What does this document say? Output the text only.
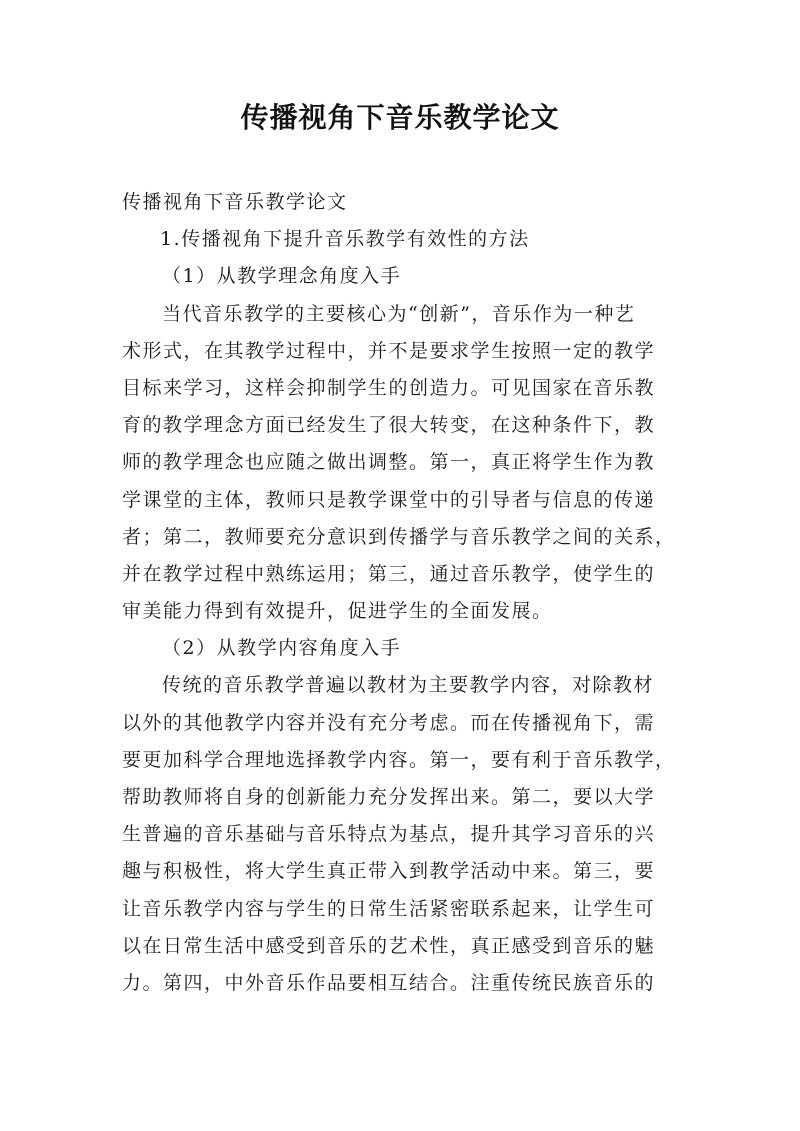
传播视角下音乐教学论文
传播视角下音乐教学论文
1.传播视角下提升音乐教学有效性的方法
（1）从教学理念角度入手
当代音乐教学的主要核心为“创新”，音乐作为一种艺
术形式，在其教学过程中，并不是要求学生按照一定的教学
目标来学习，这样会抑制学生的创造力。可见国家在音乐教
育的教学理念方面已经发生了很大转变，在这种条件下，教
师的教学理念也应随之做出调整。第一，真正将学生作为教
学课堂的主体，教师只是教学课堂中的引导者与信息的传递
者；第二，教师要充分意识到传播学与音乐教学之间的关系，
并在教学过程中熟练运用；第三，通过音乐教学，使学生的
审美能力得到有效提升，促进学生的全面发展。
（2）从教学内容角度入手
传统的音乐教学普遍以教材为主要教学内容，对除教材
以外的其他教学内容并没有充分考虑。而在传播视角下，需
要更加科学合理地选择教学内容。第一，要有利于音乐教学，
帮助教师将自身的创新能力充分发挥出来。第二，要以大学
生普遍的音乐基础与音乐特点为基点，提升其学习音乐的兴
趣与积极性，将大学生真正带入到教学活动中来。第三，要
让音乐教学内容与学生的日常生活紧密联系起来，让学生可
以在日常生活中感受到音乐的艺术性，真正感受到音乐的魅
力。第四，中外音乐作品要相互结合。注重传统民族音乐的
